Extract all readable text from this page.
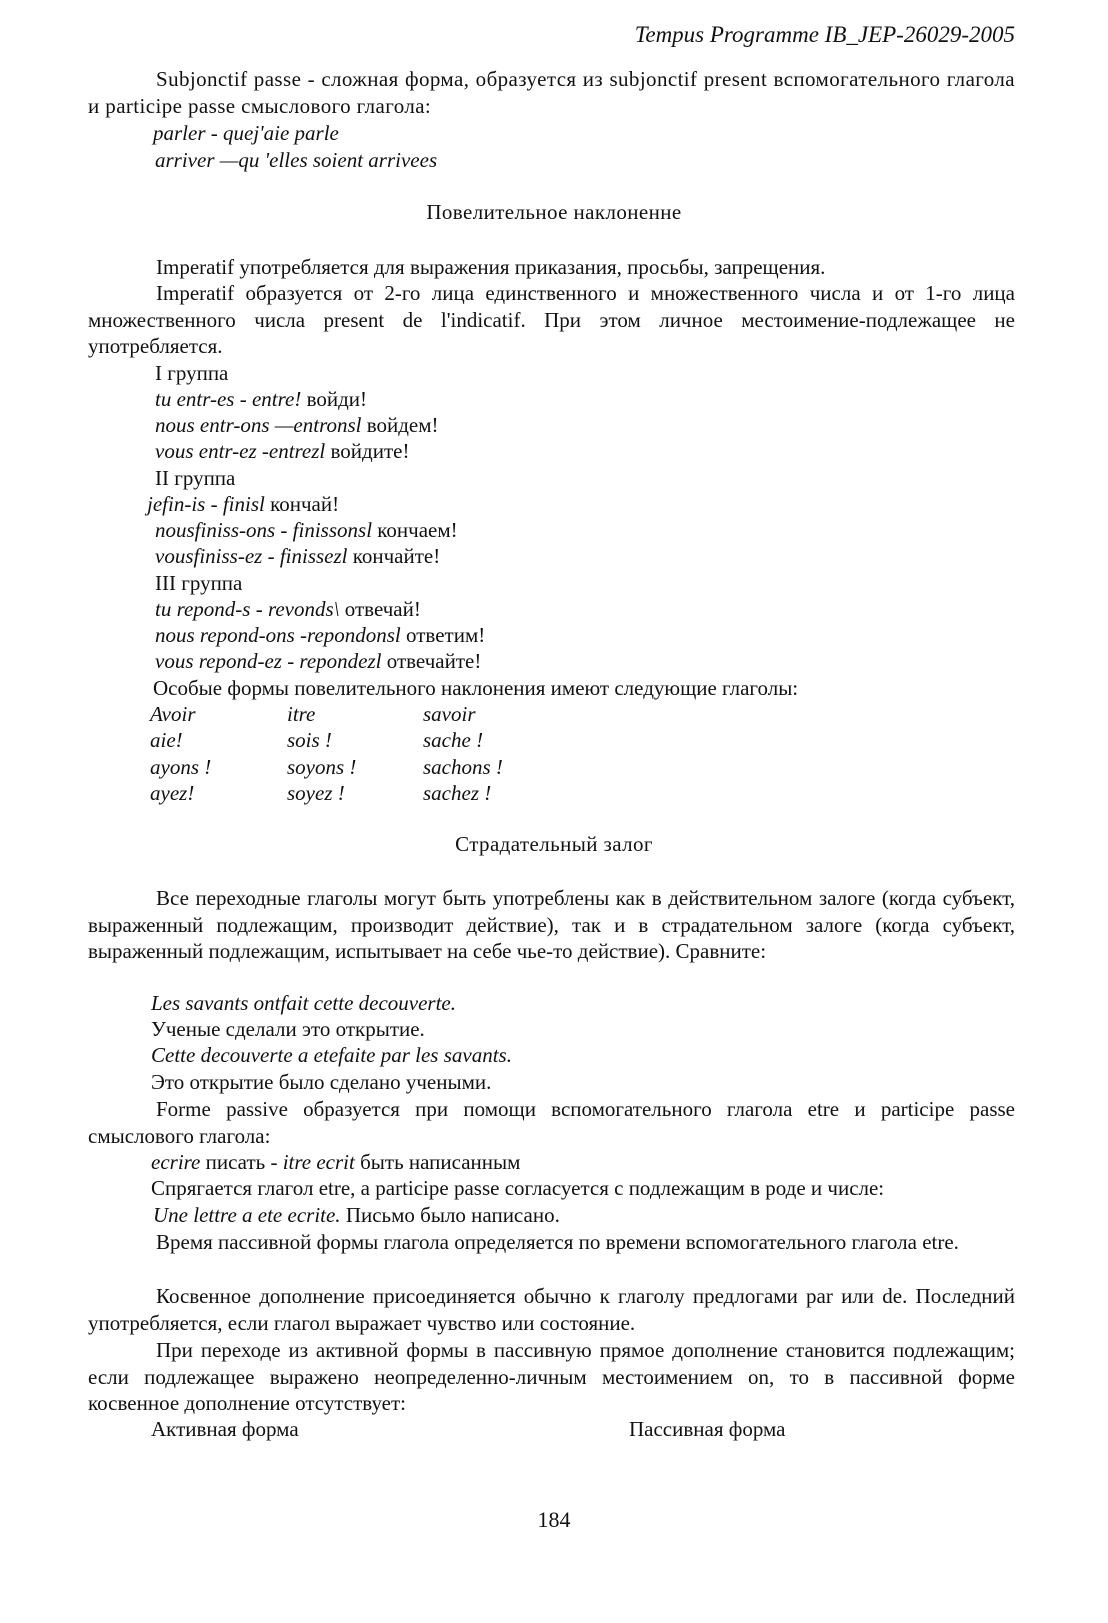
Tempus Programme IB_JEP-26029-2005
Subjonctif passe - сложная форма, образуется из subjonctif present вспомогательного глагола и participe passe смыслового глагола:
parler - quej'aie parle
arriver —qu 'elles soient arrivees
Повелительное наклоненне
Imperatif употребляется для выражения приказания, просьбы, запрещения.
Imperatif образуется от 2-го лица единственного и множественного числа и от 1-го лица множественного числа present de l'indicatif. При этом личное местоимение-подлежащее не употребляется.
I группа
tu entr-es - entre! войди!
nous entr-ons —entronsl войдем!
vous entr-ez -entrezl войдите!
II группа
jefin-is - finisl кончай!
nousfiniss-ons - finissonsl кончаем!
vousfiniss-ez - finissezl кончайте!
III группа
tu repond-s - revonds\ отвечай!
nous repond-ons -repondonsl ответим!
vous repond-ez - repondezl отвечайте!
Особые формы повелительного наклонения имеют следующие глаголы:
Avoir	itre	savoir
aie!	sois !	sache !
ayons !	soyons !	sachons !
ayez!	soyez !	sachez !
Страдательный залог
Все переходные глаголы могут быть употреблены как в действительном залоге (когда субъект, выраженный подлежащим, производит действие), так и в страдательном залоге (когда субъект, выраженный подлежащим, испытывает на себе чье-то действие). Сравните:
Les savants ontfait cette decouverte.
Ученые сделали это открытие.
Cette decouverte a etefaite par les savants.
Это открытие было сделано учеными.
Forme passive образуется при помощи вспомогательного глагола etre и participe passe смыслового глагола:
ecrire писать - itre ecrit быть написанным
Спрягается глагол etre, a participe passe согласуется с подлежащим в роде и числе:
Une lettre a ete ecrite. Письмо было написано.
Время пассивной формы глагола определяется по времени вспомогательного глагола etre.
Косвенное дополнение присоединяется обычно к глаголу предлогами par или de. Последний употребляется, если глагол выражает чувство или состояние.
При переходе из активной формы в пассивную прямое дополнение становится подлежащим; если подлежащее выражено неопределенно-личным местоимением on, то в пассивной форме косвенное дополнение отсутствует:
Активная форма	Пассивная форма
184
